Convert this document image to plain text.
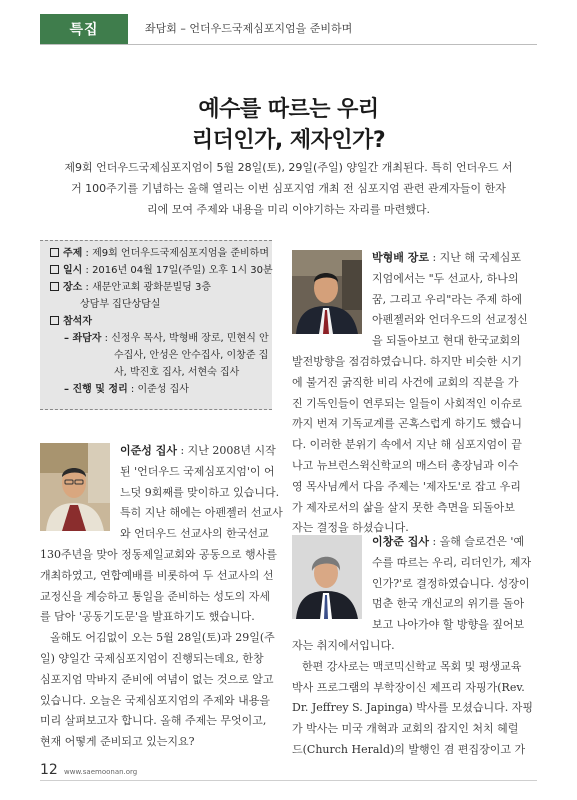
특집	좌담회 – 언더우드국제심포지엄을 준비하며
예수를 따르는 우리
리더인가, 제자인가?
제9회 언더우드국제심포지엄이 5월 28일(토), 29일(주일) 양일간 개최된다. 특히 언더우드 서
거 100주기를 기념하는 올해 열리는 이번 심포지엄 개최 전 심포지엄 관련 관계자들이 한자
리에 모여 주제와 내용을 미리 이야기하는 자리를 마련했다.
주제 : 제9회 언더우드국제심포지엄을 준비하며
일시 : 2016년 04월 17일(주일) 오후 1시 30분
장소 : 새문안교회 광화문빌딩 3층
상담부 집단상담실
참석자
– 좌담자 : 신정우 목사, 박형배 장로, 민현식 안
수집사, 안성은 안수집사, 이창준 집
사, 박진호 집사, 서현숙 집사
– 진행 및 정리 : 이준성 집사
이준성 집사 : 지난 2008년 시작
된 '언더우드 국제심포지엄'이 어
느덧 9회째를 맞이하고 있습니다.
특히 지난 해에는 아펜젤러 선교사
와 언더우드 선교사의 한국선교
130주년을 맞아 정동제일교회와 공동으로 행사를
개최하였고, 연합예배를 비롯하여 두 선교사의 선
교정신을 계승하고 통일을 준비하는 성도의 자세
를 담아 '공동기도문'을 발표하기도 했습니다.
올해도 어김없이 오는 5월 28일(토)과 29일(주
일) 양일간 국제심포지엄이 진행되는데요, 한창
심포지엄 막바지 준비에 여념이 없는 것으로 알고
있습니다. 오늘은 국제심포지엄의 주제와 내용을
미리 살펴보고자 합니다. 올해 주제는 무엇이고,
현재 어떻게 준비되고 있는지요?
박형배 장로 : 지난 해 국제심포
지엄에서는 "두 선교사, 하나의
꿈, 그리고 우리"라는 주제 하에
아펜젤러와 언더우드의 선교정신
을 되돌아보고 현대 한국교회의
발전방향을 점검하였습니다. 하지만 비슷한 시기
에 불거진 굵직한 비리 사건에 교회의 직분을 가
진 기독인들이 연루되는 일들이 사회적인 이슈로
까지 번져 기독교계를 곤혹스럽게 하기도 했습니
다. 이러한 분위기 속에서 지난 해 심포지엄이 끝
나고 뉴브런스윅신학교의 매스터 총장님과 이수
영 목사님께서 다음 주제는 '제자도'로 잡고 우리
가 제자로서의 삶을 살지 못한 측면을 되돌아보
자는 결정을 하셨습니다.
이창준 집사 : 올해 슬로건은 '예
수를 따르는 우리, 리더인가, 제자
인가?'로 결정하였습니다. 성장이
멈춘 한국 개신교의 위기를 돌아
보고 나아가야 할 방향을 짚어보
자는 취지에서입니다.
한편 강사로는 맥코믹신학교 목회 및 평생교육
박사 프로그램의 부학장이신 제프리 자핑가(Rev.
Dr. Jeffrey S. Japinga) 박사를 모셨습니다. 자핑
가 박사는 미국 개혁과 교회의 잡지인 처치 헤럴
드(Church Herald)의 발행인 겸 편집장이고 가
12 www.saemoonan.org
